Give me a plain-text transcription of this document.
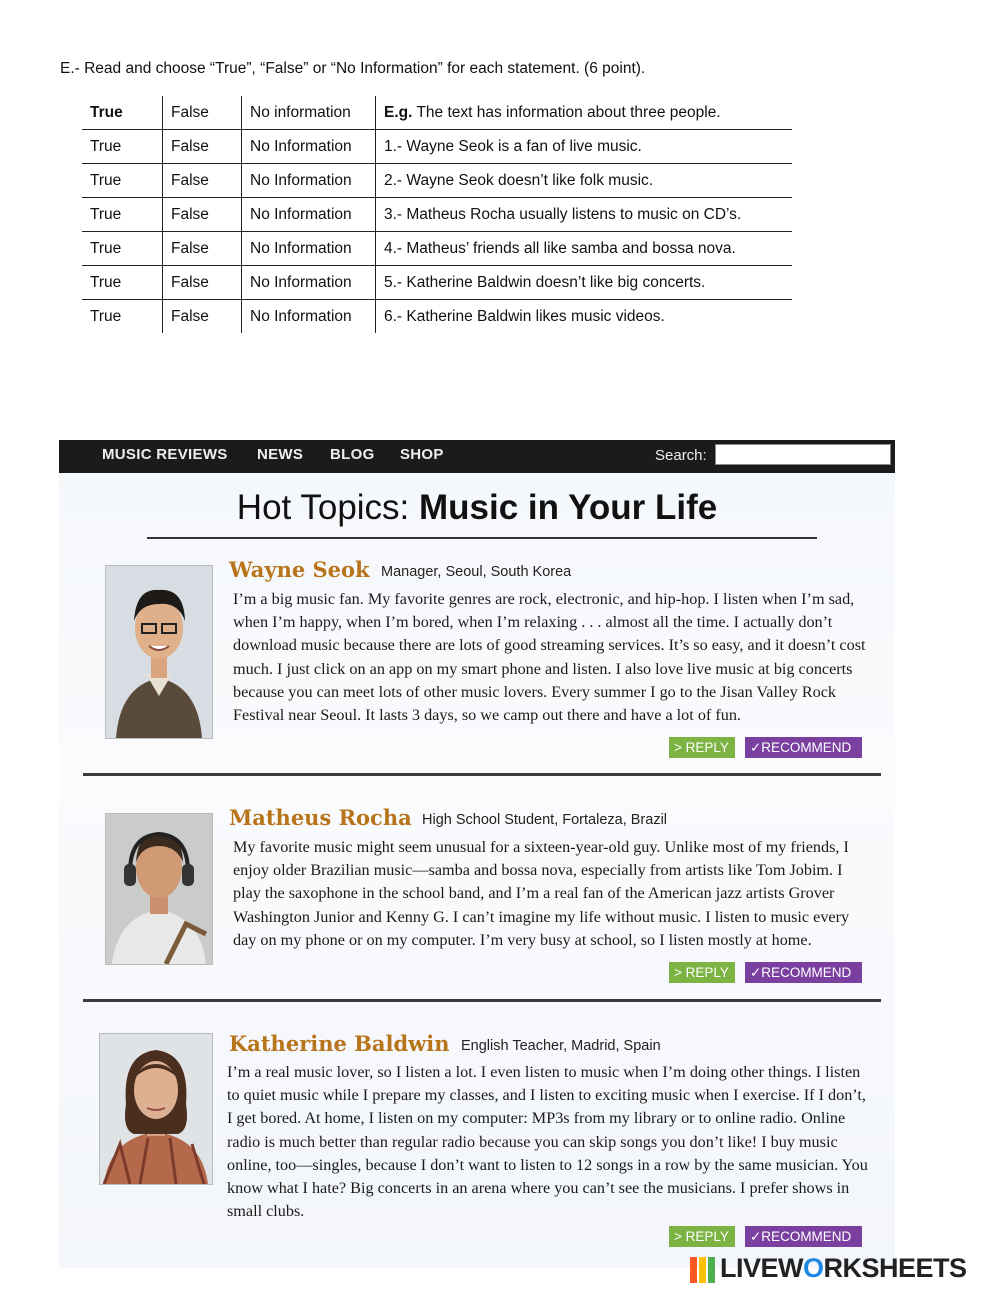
E.- Read and choose “True”, “False” or “No Information” for each statement. (6 point).
True	False	No information	E.g. The text has information about three people.
True	False	No Information	1.- Wayne Seok is a fan of live music.
True	False	No Information	2.- Wayne Seok doesn’t like folk music.
True	False	No Information	3.- Matheus Rocha usually listens to music on CD’s.
True	False	No Information	4.- Matheus’ friends all like samba and bossa nova.
True	False	No Information	5.- Katherine Baldwin doesn’t like big concerts.
True	False	No Information	6.- Katherine Baldwin likes music videos.
MUSIC REVIEWS NEWS BLOG SHOP	Search:
Hot Topics: Music in Your Life
Wayne Seok Manager, Seoul, South Korea
I’m a big music fan. My favorite genres are rock, electronic, and hip-hop. I listen when I’m sad, when I’m happy, when I’m bored, when I’m relaxing . . . almost all the time. I actually don’t download music because there are lots of good streaming services. It’s so easy, and it doesn’t cost much. I just click on an app on my smart phone and listen. I also love live music at big concerts because you can meet lots of other music lovers. Every summer I go to the Jisan Valley Rock Festival near Seoul. It lasts 3 days, so we camp out there and have a lot of fun.
> REPLY	✓RECOMMEND
Matheus Rocha High School Student, Fortaleza, Brazil
My favorite music might seem unusual for a sixteen-year-old guy. Unlike most of my friends, I enjoy older Brazilian music—samba and bossa nova, especially from artists like Tom Jobim. I play the saxophone in the school band, and I’m a real fan of the American jazz artists Grover Washington Junior and Kenny G. I can’t imagine my life without music. I listen to music every day on my phone or on my computer. I’m very busy at school, so I listen mostly at home.
> REPLY	✓RECOMMEND
Katherine Baldwin English Teacher, Madrid, Spain
I’m a real music lover, so I listen a lot. I even listen to music when I’m doing other things. I listen to quiet music while I prepare my classes, and I listen to exciting music when I exercise. If I don’t, I get bored. At home, I listen on my computer: MP3s from my library or to online radio. Online radio is much better than regular radio because you can skip songs you don’t like! I buy music online, too—singles, because I don’t want to listen to 12 songs in a row by the same musician. You know what I hate? Big concerts in an arena where you can’t see the musicians. I prefer shows in small clubs.
> REPLY	✓RECOMMEND
LIVEWORKSHEETS
